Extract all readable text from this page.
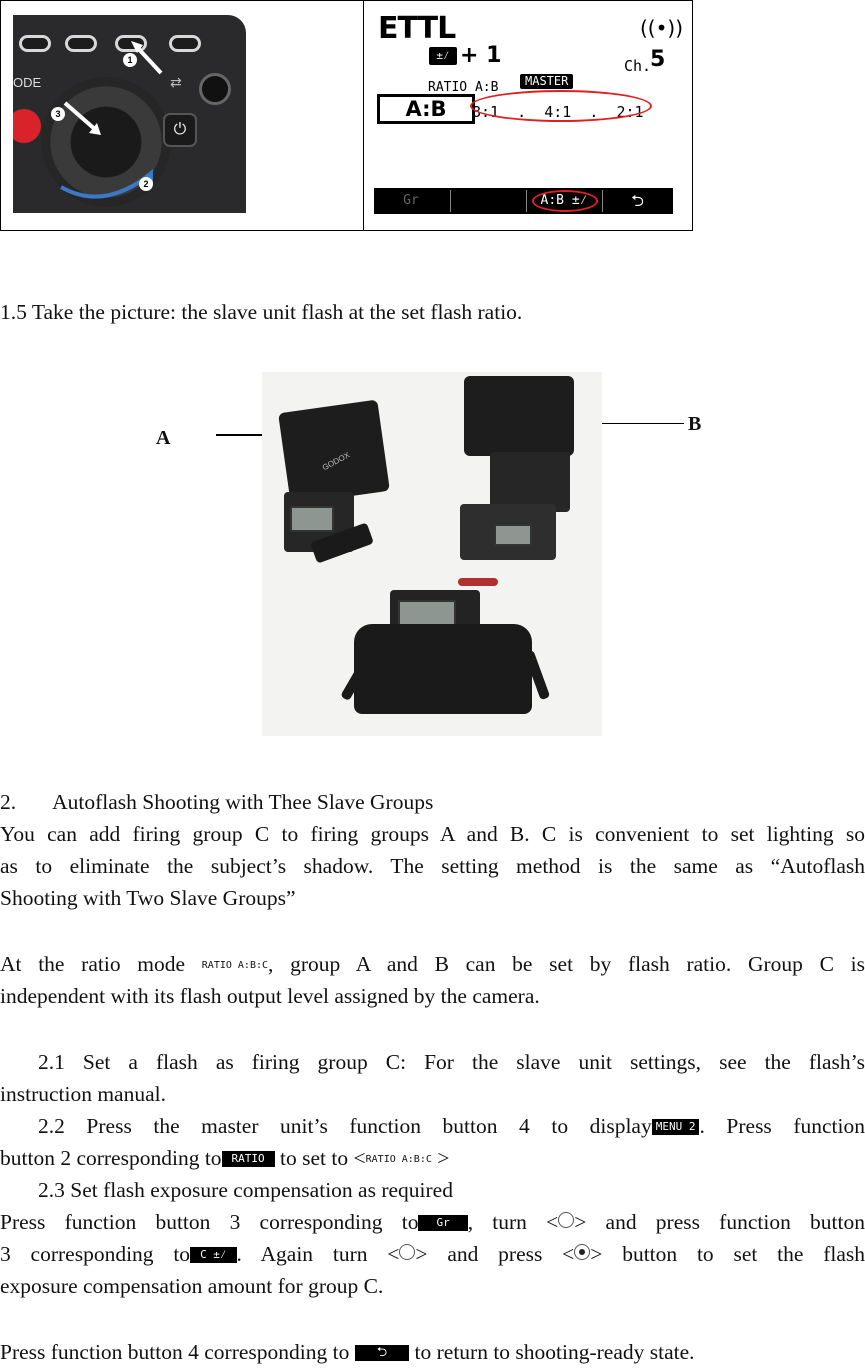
ODE	⇄
⏻
1
2
3
ETTL	((•))
±⁄ + 1	Ch.
5
RATIO A:B	MASTER
A:B	8:1  .  4:1  .  2:1
Gr	A:B ±⁄	⮌
1.5 Take the picture: the slave unit flash at the set flash ratio.
A
B
GODOX
2. Autoflash Shooting with Thee Slave Groups
You can add firing group C to firing groups A and B. C is convenient to set lighting so
as to eliminate the subject’s shadow. The setting method is the same as “Autoflash
Shooting with Two Slave Groups”
At the ratio mode RATIO A:B:C, group A and B can be set by flash ratio. Group C is
independent with its flash output level assigned by the camera.
2.1 Set a flash as firing group C: For the slave unit settings, see the flash’s
instruction manual.
2.2 Press the master unit’s function button 4 to display MENU 2 . Press function
button 2 corresponding to RATIO to set to <RATIO A:B:C >
2.3 Set flash exposure compensation as required
Press function button 3 corresponding to Gr , turn < > and press function button
3 corresponding to C ±⁄ . Again turn < > and press < > button to set the flash
exposure compensation amount for group C.
Press function button 4 corresponding to ⮌ to return to shooting-ready state.
